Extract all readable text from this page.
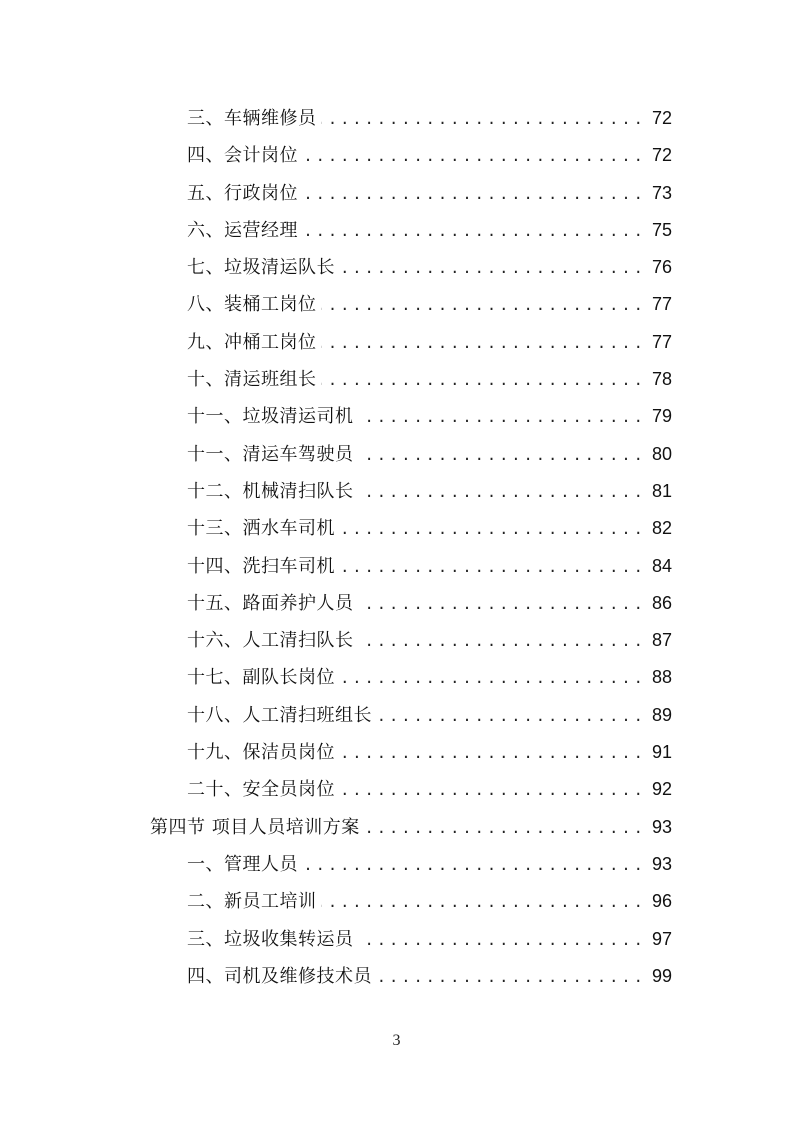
三、车辆维修员 .....	72
四、会计岗位 .....	72
五、行政岗位 .....	73
六、运营经理 .....	75
七、垃圾清运队长 .....	76
八、装桶工岗位 .....	77
九、冲桶工岗位 .....	77
十、清运班组长 .....	78
十一、垃圾清运司机 .....	79
十一、清运车驾驶员 .....	80
十二、机械清扫队长 .....	81
十三、洒水车司机 .....	82
十四、洗扫车司机 .....	84
十五、路面养护人员 .....	86
十六、人工清扫队长 .....	87
十七、副队长岗位 .....	88
十八、人工清扫班组长 .....	89
十九、保洁员岗位 .....	91
二十、安全员岗位 .....	92
第四节 项目人员培训方案 .....	93
一、管理人员 .....	93
二、新员工培训 .....	96
三、垃圾收集转运员 .....	97
四、司机及维修技术员 .....	99
3
